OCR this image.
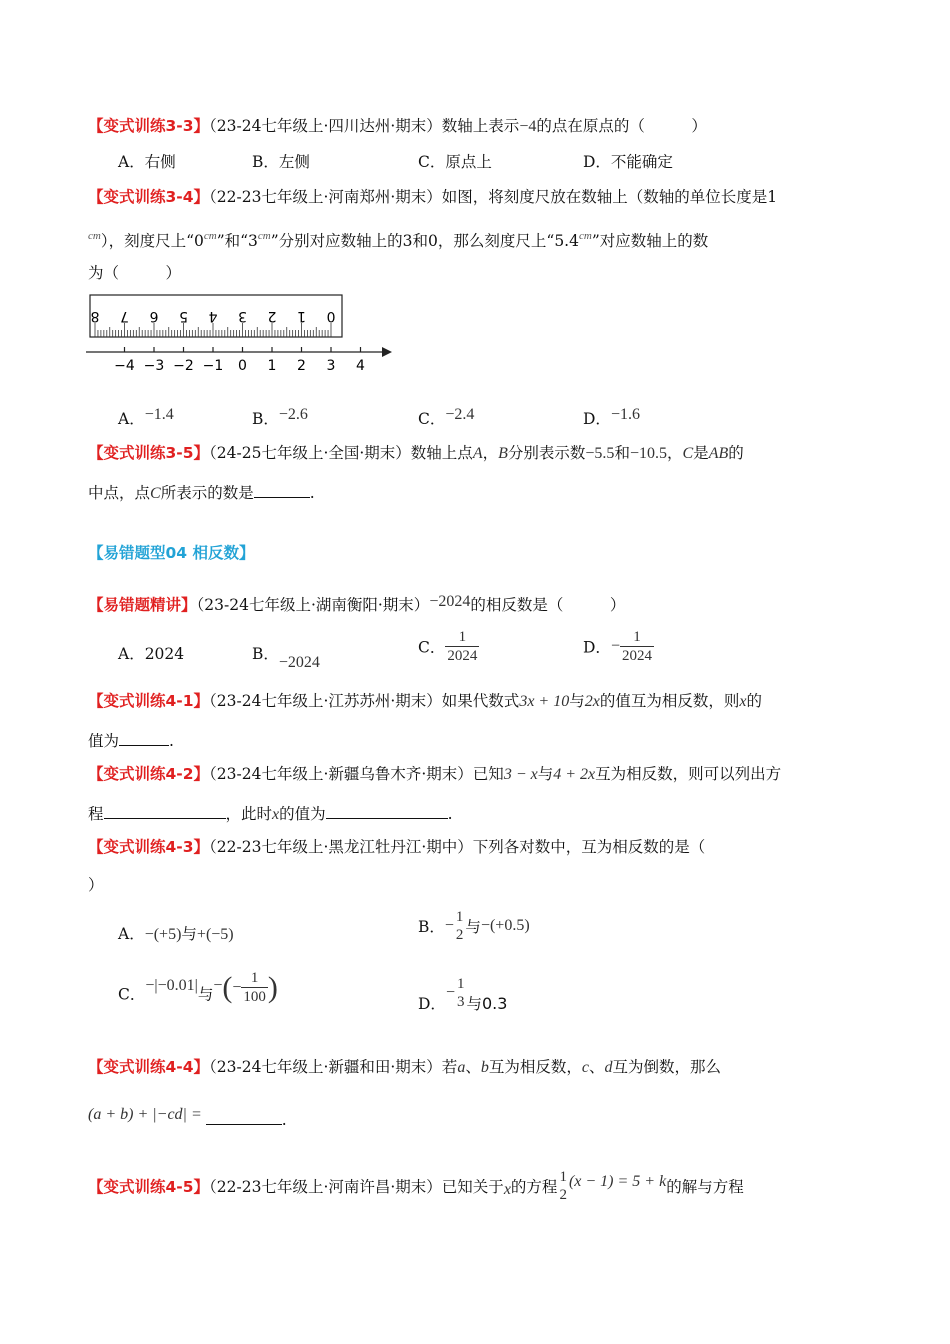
【变式训练3-3】（23-24七年级上·四川达州·期末）数轴上表示−4的点在原点的（　　　）
A．右侧	B．左侧	C．原点上	D．不能确定
【变式训练3-4】（22-23七年级上·河南郑州·期末）如图，将刻度尺放在数轴上（数轴的单位长度是1
$^{cm}$），刻度尺上“$0^{cm}$”和“$3^{cm}$”分别对应数轴上的3和0，那么刻度尺上“$5.4^{cm}$”对应数轴上的数
为（　　　）
8 7 6 5 4 3 2 1 0
−4 −3 −2 −1 0 1 2 3 4
A．−1.4	B．−2.6	C．−2.4	D．−1.6
【变式训练3-5】（24-25七年级上·全国·期末）数轴上点A，B分别表示数−5.5和−10.5，C是AB的
中点，点C所表示的数是	.
【易错题型04 相反数】
【易错题精讲】（23-24七年级上·湖南衡阳·期末）−2024的相反数是（　　　）
A．2024	B．−2024
C． $\frac{1}{2024}$	D．− $\frac{1}{2024}$
【变式训练4-1】（23-24七年级上·江苏苏州·期末）如果代数式3x + 10与2x的值互为相反数，则x的
值为	.
【变式训练4-2】（23-24七年级上·新疆乌鲁木齐·期末）已知3 − x与4 + 2x互为相反数，则可以列出方
程	，此时x的值为	.
【变式训练4-3】（22-23七年级上·黑龙江牡丹江·期中）下列各对数中，互为相反数的是（
）
A．−(+5)与+(−5)	B．− 1
2 与−(+0.5)
C．−|−0.01|与−(− $\frac{1}{100}$ )
D．− 1
3 与0.3
【变式训练4-4】（23-24七年级上·新疆和田·期末）若a、b互为相反数，c、d互为倒数，那么
(a + b) + |−cd| =	.
【变式训练4-5】（22-23七年级上·河南许昌·期末）已知关于x的方程
1
2
(x − 1) = 5 + k的解与方程
